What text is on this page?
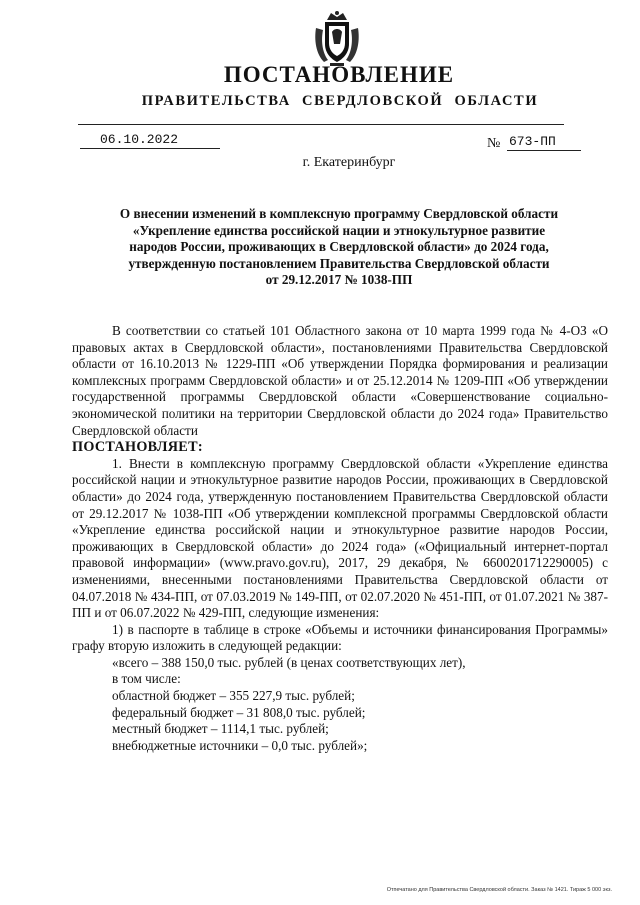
ПОСТАНОВЛЕНИЕ
ПРАВИТЕЛЬСТВА СВЕРДЛОВСКОЙ ОБЛАСТИ
06.10.2022	№ 673-ПП
г. Екатеринбург
О внесении изменений в комплексную программу Свердловской области
«Укрепление единства российской нации и этнокультурное развитие
народов России, проживающих в Свердловской области» до 2024 года,
утвержденную постановлением Правительства Свердловской области
от 29.12.2017 № 1038-ПП

В соответствии со статьей 101 Областного закона от 10 марта 1999 года № 4-ОЗ «О правовых актах в Свердловской области», постановлениями Правительства Свердловской области от 16.10.2013 № 1229-ПП «Об утверждении Порядка формирования и реализации комплексных программ Свердловской области» и от 25.12.2014 № 1209-ПП «Об утверждении государственной программы Свердловской области «Совершенствование социально-экономической политики на территории Свердловской области до 2024 года» Правительство Свердловской области

ПОСТАНОВЛЯЕТ:

1. Внести в комплексную программу Свердловской области «Укрепление единства российской нации и этнокультурное развитие народов России, проживающих в Свердловской области» до 2024 года, утвержденную постановлением Правительства Свердловской области от 29.12.2017 № 1038-ПП «Об утверждении комплексной программы Свердловской области «Укрепление единства российской нации и этнокультурное развитие народов России, проживающих в Свердловской области» до 2024 года» («Официальный интернет-портал правовой информации» (www.pravo.gov.ru), 2017, 29 декабря, № 6600201712290005) с изменениями, внесенными постановлениями Правительства Свердловской области от 04.07.2018 № 434-ПП, от 07.03.2019 № 149-ПП, от 02.07.2020 № 451-ПП, от 01.07.2021 № 387-ПП и от 06.07.2022 № 429-ПП, следующие изменения:

1) в паспорте в таблице в строке «Объемы и источники финансирования Программы» графу вторую изложить в следующей редакции:

«всего – 388 150,0 тыс. рублей (в ценах соответствующих лет),

в том числе:

областной бюджет – 355 227,9 тыс. рублей;

федеральный бюджет – 31 808,0 тыс. рублей;

местный бюджет – 1114,1 тыс. рублей;

внебюджетные источники – 0,0 тыс. рублей»;

Отпечатано для Правительства Свердловской области. Заказ № 1421. Тираж 5 000 экз.
